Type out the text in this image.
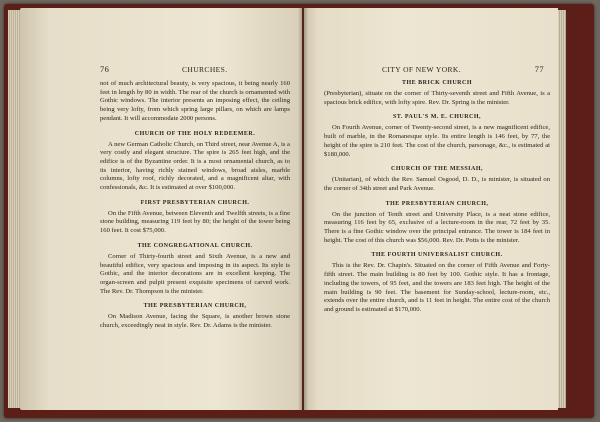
76	CHURCHES.

not of much architectural beauty, is very spacious, it being nearly 160 feet in length by 80 in width. The rear of the church is ornamented with Gothic windows. The interior presents an imposing effect, the ceiling being very lofty, from which spring large pillars, on which are lamps pendant. It will accommodate 2000 persons.

CHURCH OF THE HOLY REDEEMER.

A new German Catholic Church, on Third street, near Avenue A, is a very costly and elegant structure. The spire is 265 feet high, and the edifice is of the Byzantine order. It is a most ornamental church, as to its interior, having richly stained windows, broad aisles, marble columns, lofty roof, richly decorated, and a magnificent altar, with confessionals, &c. It is estimated at over $100,000.

FIRST PRESBYTERIAN CHURCH.

On the Fifth Avenue, between Eleventh and Twelfth streets, is a fine stone building, measuring 119 feet by 80; the height of the tower being 160 feet. It cost $75,000.

THE CONGREGATIONAL CHURCH.

Corner of Thirty-fourth street and Sixth Avenue, is a new and beautiful edifice, very spacious and imposing in its aspect. Its style is Gothic, and the interior decorations are in excellent keeping. The organ-screen and pulpit present exquisite specimens of carved work. The Rev. Dr. Thompson is the minister.

THE PRESBYTERIAN CHURCH,

On Madison Avenue, facing the Square, is another brown stone church, exceedingly neat in style. Rev. Dr. Adams is the minister.

CITY OF NEW YORK.	77
THE BRICK CHURCH

(Presbyterian), situate on the corner of Thirty-seventh street and Fifth Avenue, is a spacious brick edifice, with lofty spire. Rev. Dr. Spring is the minister.

ST. PAUL'S M. E. CHURCH,

On Fourth Avenue, corner of Twenty-second street, is a new magnificent edifice, built of marble, in the Romanesque style. Its entire length is 146 feet, by 77, the height of the spire is 210 feet. The cost of the church, parsonage, &c., is estimated at $180,000.

CHURCH OF THE MESSIAH,

(Unitarian), of which the Rev. Samuel Osgood, D. D., is minister, is situated on the corner of 34th street and Park Avenue.

THE PRESBYTERIAN CHURCH,

On the junction of Tenth street and University Place, is a neat stone edifice, measuring 116 feet by 65, exclusive of a lecture-room in the rear, 72 feet by 35. There is a fine Gothic window over the principal entrance. The tower is 184 feet in height. The cost of this church was $56,000. Rev. Dr. Potts is the minister.

THE FOURTH UNIVERSALIST CHURCH.

This is the Rev. Dr. Chapin's. Situated on the corner of Fifth Avenue and Forty-fifth street. The main building is 80 feet by 100. Gothic style. It has a frontage, including the towers, of 95 feet, and the towers are 183 feet high. The height of the main building is 90 feet. The basement for Sunday-school, lecture-room, etc., extends over the entire church, and is 11 feet in height. The entire cost of the church and ground is estimated at $170,000.
